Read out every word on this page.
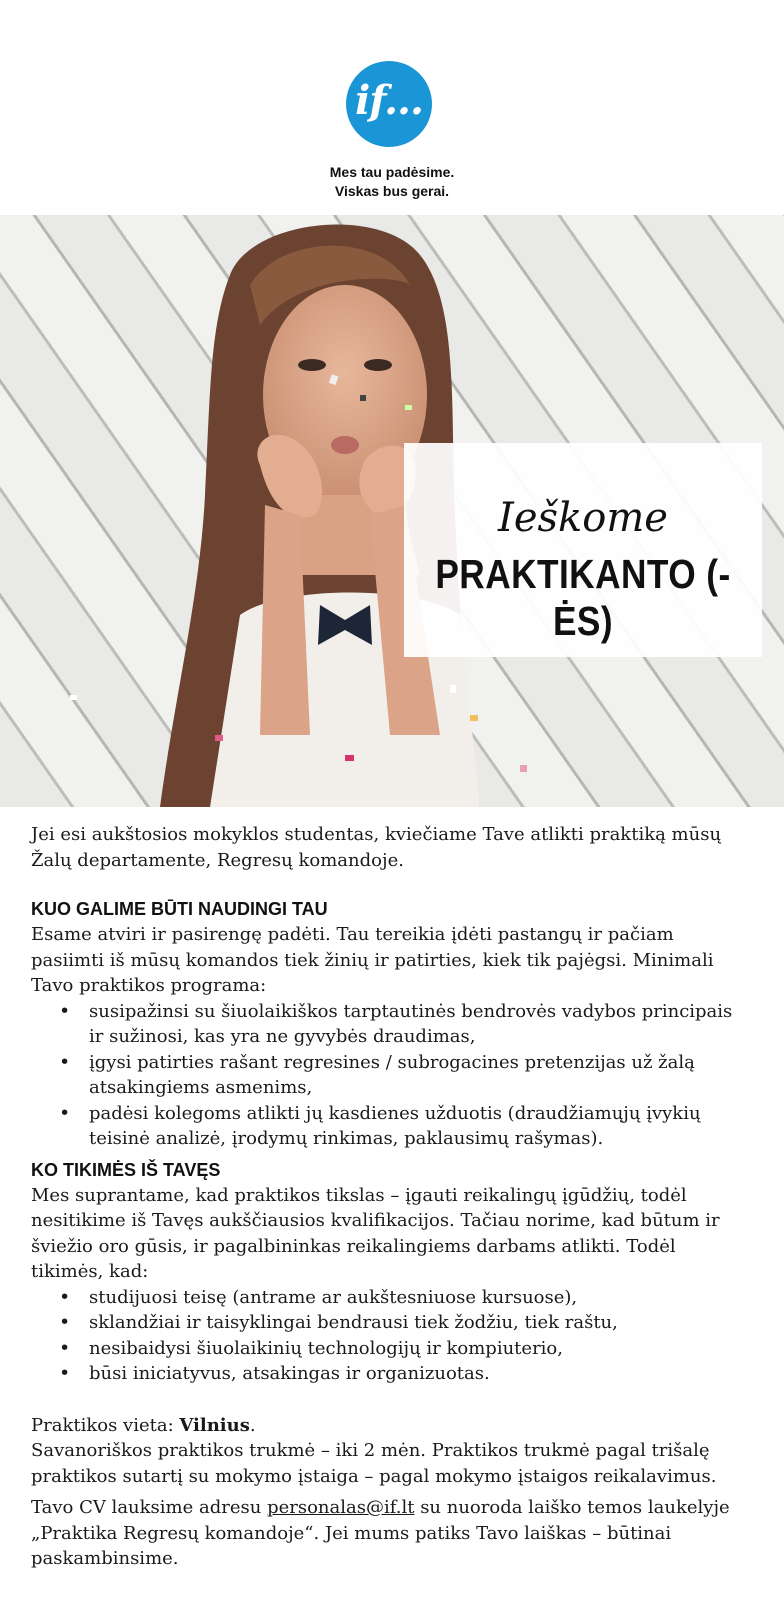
if...
Mes tau padėsime.
Viskas bus gerai.
Ieškome
PRAKTIKANTO (-ĖS)

Jei esi aukštosios mokyklos studentas, kviečiame Tave atlikti praktiką mūsų Žalų departamente, Regresų komandoje.

KUO GALIME BŪTI NAUDINGI TAU

Esame atviri ir pasirengę padėti. Tau tereikia įdėti pastangų ir pačiam pasiimti iš mūsų komandos tiek žinių ir patirties, kiek tik pajėgsi. Minimali Tavo praktikos programa:

• susipažinsi su šiuolaikiškos tarptautinės bendrovės vadybos principais ir sužinosi, kas yra ne gyvybės draudimas,
• įgysi patirties rašant regresines / subrogacines pretenzijas už žalą atsakingiems asmenims,
• padėsi kolegoms atlikti jų kasdienes užduotis (draudžiamųjų įvykių teisinė analizė, įrodymų rinkimas, paklausimų rašymas).
KO TIKIMĖS IŠ TAVĘS

Mes suprantame, kad praktikos tikslas – įgauti reikalingų įgūdžių, todėl nesitikime iš Tavęs aukščiausios kvalifikacijos. Tačiau norime, kad būtum ir šviežio oro gūsis, ir pagalbininkas reikalingiems darbams atlikti. Todėl tikimės, kad:

• studijuosi teisę (antrame ar aukštesniuose kursuose),
• sklandžiai ir taisyklingai bendrausi tiek žodžiu, tiek raštu,
• nesibaidysi šiuolaikinių technologijų ir kompiuterio,
• būsi iniciatyvus, atsakingas ir organizuotas.

Praktikos vieta: Vilnius.

Savanoriškos praktikos trukmė – iki 2 mėn. Praktikos trukmė pagal trišalę praktikos sutartį su mokymo įstaiga – pagal mokymo įstaigos reikalavimus.

Tavo CV lauksime adresu personalas@if.lt su nuoroda laiško temos laukelyje „Praktika Regresų komandoje“. Jei mums patiks Tavo laiškas – būtinai paskambinsime.
